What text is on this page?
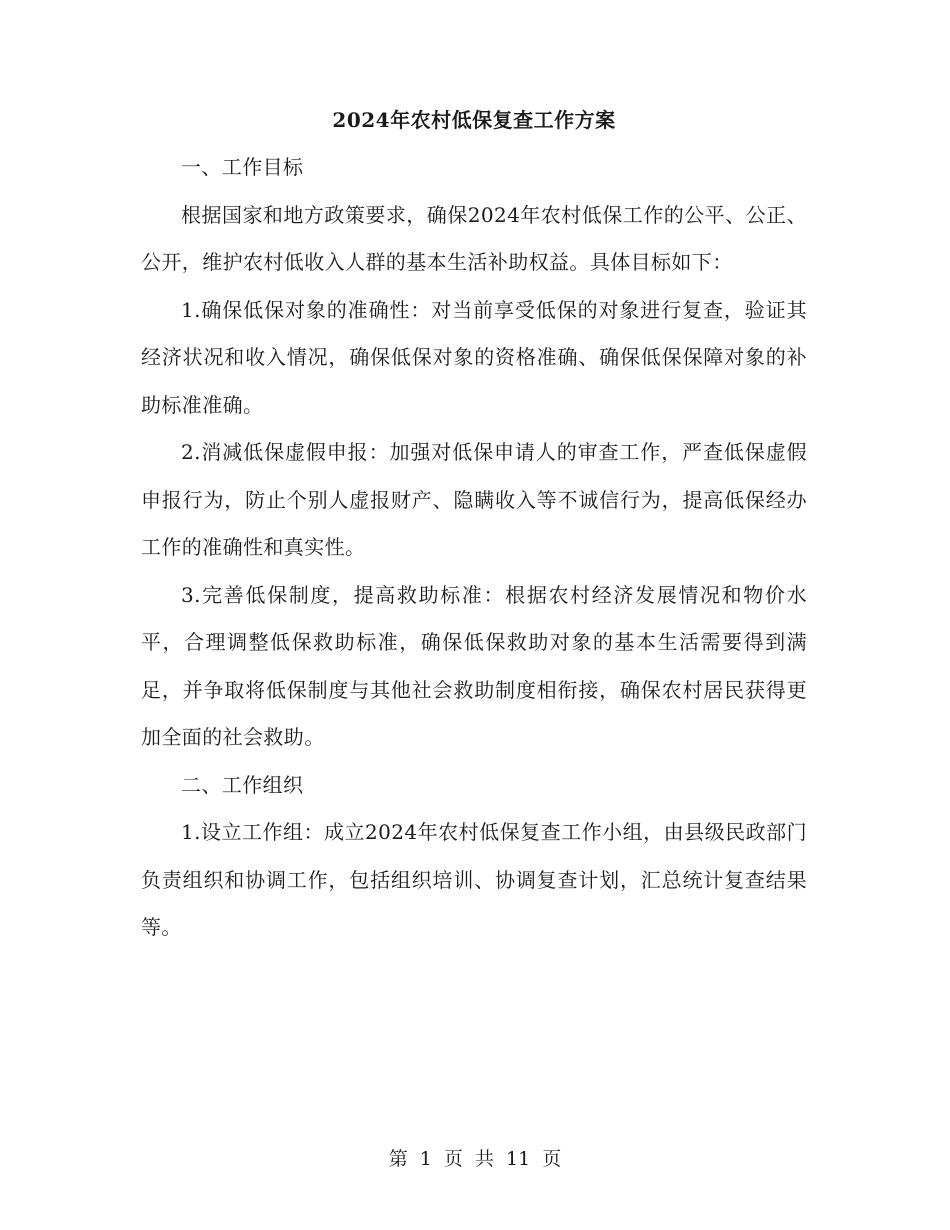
2024年农村低保复查工作方案

一、工作目标

根据国家和地方政策要求，确保2024年农村低保工作的公平、公正、公开，维护农村低收入人群的基本生活补助权益。具体目标如下：

1.确保低保对象的准确性：对当前享受低保的对象进行复查，验证其经济状况和收入情况，确保低保对象的资格准确、确保低保保障对象的补助标准准确。

2.消减低保虚假申报：加强对低保申请人的审查工作，严查低保虚假申报行为，防止个别人虚报财产、隐瞒收入等不诚信行为，提高低保经办工作的准确性和真实性。

3.完善低保制度，提高救助标准：根据农村经济发展情况和物价水平，合理调整低保救助标准，确保低保救助对象的基本生活需要得到满足，并争取将低保制度与其他社会救助制度相衔接，确保农村居民获得更加全面的社会救助。

二、工作组织

1.设立工作组：成立2024年农村低保复查工作小组，由县级民政部门负责组织和协调工作，包括组织培训、协调复查计划，汇总统计复查结果等。

第 1 页 共 11 页
